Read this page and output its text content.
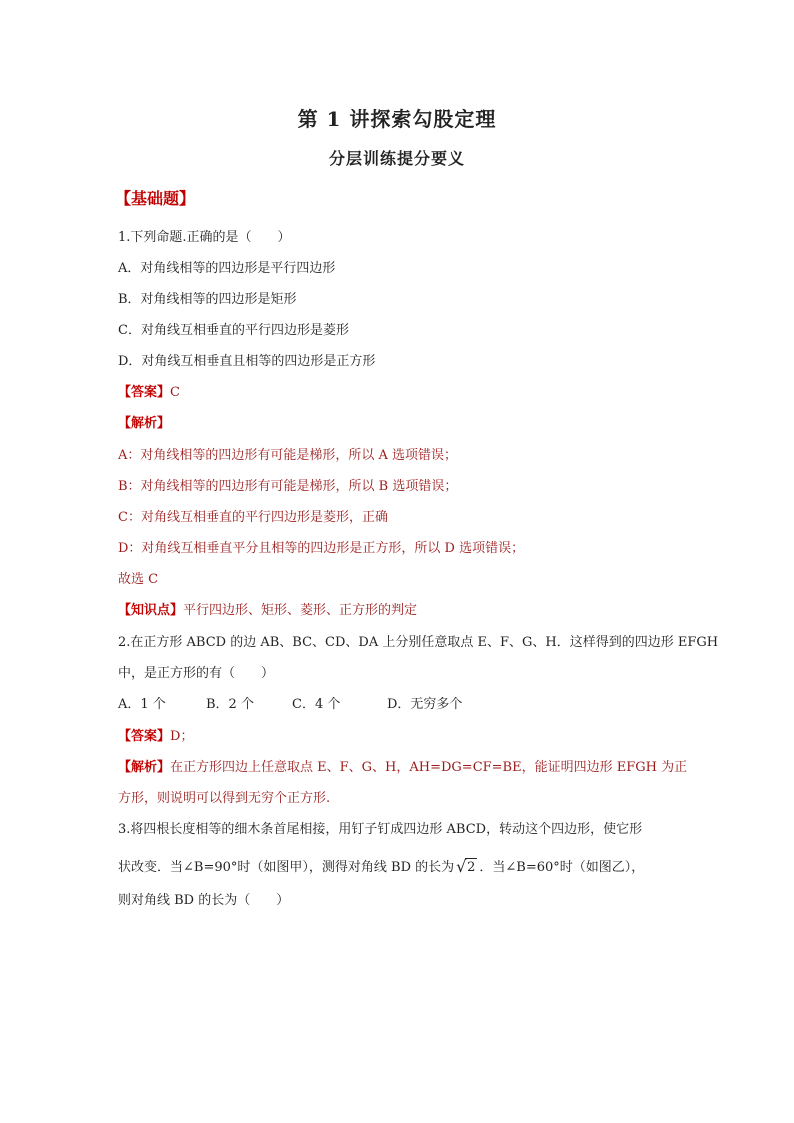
第 1 讲探索勾股定理
分层训练提分要义
【基础题】
1.下列命题.正确的是（　　）
A．对角线相等的四边形是平行四边形
B．对角线相等的四边形是矩形
C．对角线互相垂直的平行四边形是菱形
D．对角线互相垂直且相等的四边形是正方形
【答案】C
【解析】
A：对角线相等的四边形有可能是梯形，所以 A 选项错误；
B：对角线相等的四边形有可能是梯形，所以 B 选项错误；
C：对角线互相垂直的平行四边形是菱形，正确
D：对角线互相垂直平分且相等的四边形是正方形，所以 D 选项错误；
故选 C
【知识点】平行四边形、矩形、菱形、正方形的判定
2.在正方形 ABCD 的边 AB、BC、CD、DA 上分别任意取点 E、F、G、H．这样得到的四边形 EFGH
中，是正方形的有（　　）
A．1 个	B．2 个	C．4 个	D．无穷多个
【答案】D；
【解析】在正方形四边上任意取点 E、F、G、H，AH=DG=CF=BE，能证明四边形 EFGH 为正
方形，则说明可以得到无穷个正方形.
3.将四根长度相等的细木条首尾相接，用钉子钉成四边形 ABCD，转动这个四边形，使它形
状改变．当∠B=90°时（如图甲），测得对角线 BD 的长为 √ 2 ．当∠B=60°时（如图乙），
则对角线 BD 的长为（　　）
